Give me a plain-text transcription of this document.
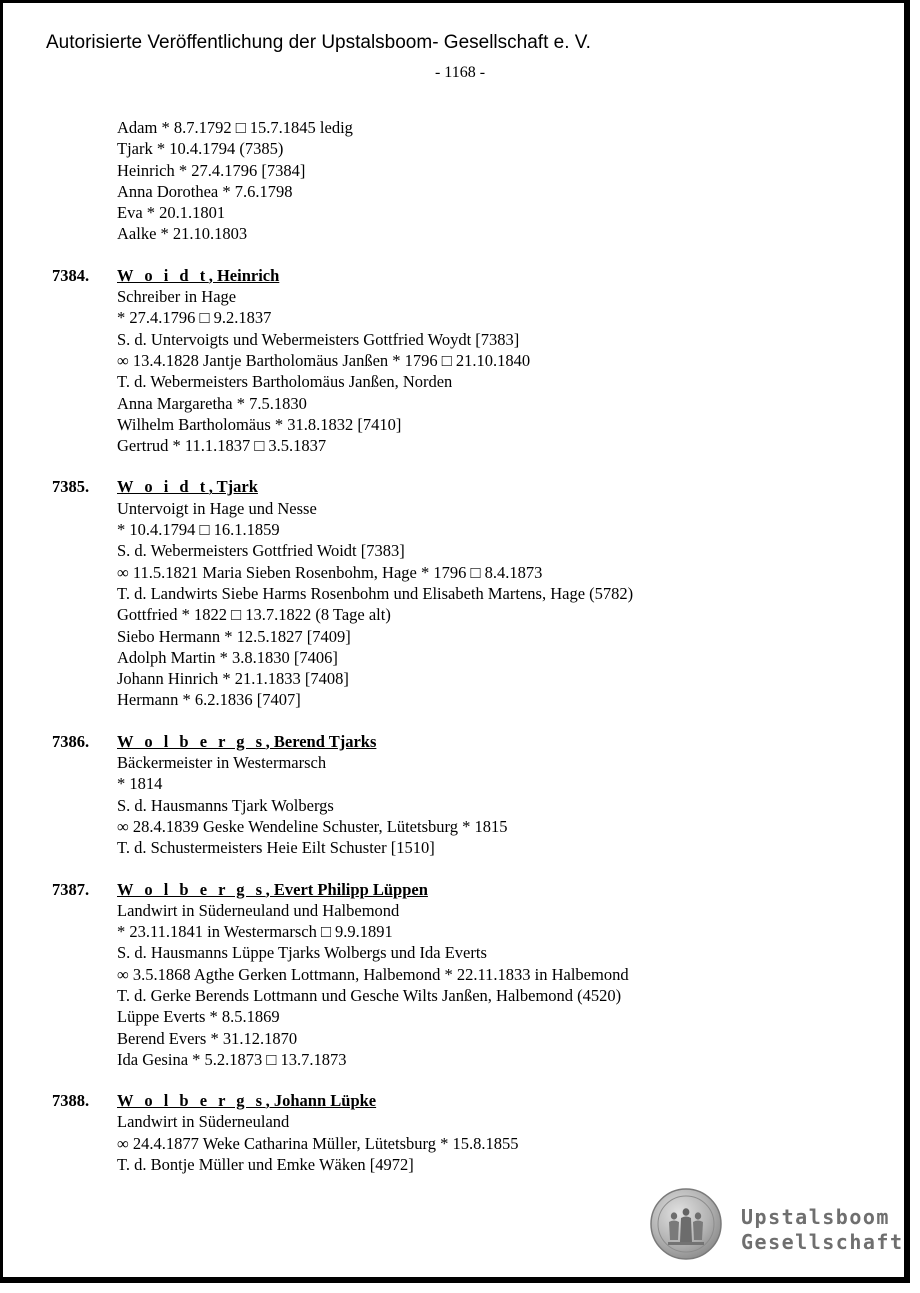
Autorisierte Veröffentlichung der Upstalsboom- Gesellschaft e. V.
- 1168 -
Adam * 8.7.1792 □ 15.7.1845 ledig
Tjark * 10.4.1794 (7385)
Heinrich * 27.4.1796 [7384]
Anna Dorothea * 7.6.1798
Eva * 20.1.1801
Aalke * 21.10.1803
7384. W o i d t, Heinrich
Schreiber in Hage
* 27.4.1796 □ 9.2.1837
S. d. Untervoigts und Webermeisters Gottfried Woydt [7383]
∞ 13.4.1828 Jantje Bartholomäus Janßen * 1796 □ 21.10.1840
T. d. Webermeisters Bartholomäus Janßen, Norden
Anna Margaretha * 7.5.1830
Wilhelm Bartholomäus * 31.8.1832 [7410]
Gertrud * 11.1.1837 □ 3.5.1837
7385. W o i d t, Tjark
Untervoigt in Hage und Nesse
* 10.4.1794 □ 16.1.1859
S. d. Webermeisters Gottfried Woidt [7383]
∞ 11.5.1821 Maria Sieben Rosenbohm, Hage * 1796 □ 8.4.1873
T. d. Landwirts Siebe Harms Rosenbohm und Elisabeth Martens, Hage (5782)
Gottfried * 1822 □ 13.7.1822 (8 Tage alt)
Siebo Hermann * 12.5.1827 [7409]
Adolph Martin * 3.8.1830 [7406]
Johann Hinrich * 21.1.1833 [7408]
Hermann * 6.2.1836 [7407]
7386. W o l b e r g s, Berend Tjarks
Bäckermeister in Westermarsch
* 1814
S. d. Hausmanns Tjark Wolbergs
∞ 28.4.1839 Geske Wendeline Schuster, Lütetsburg * 1815
T. d. Schustermeisters Heie Eilt Schuster [1510]
7387. W o l b e r g s, Evert Philipp Lüppen
Landwirt in Süderneuland und Halbemond
* 23.11.1841 in Westermarsch □ 9.9.1891
S. d. Hausmanns Lüppe Tjarks Wolbergs und Ida Everts
∞ 3.5.1868 Agthe Gerken Lottmann, Halbemond * 22.11.1833 in Halbemond
T. d. Gerke Berends Lottmann und Gesche Wilts Janßen, Halbemond (4520)
Lüppe Everts * 8.5.1869
Berend Evers * 31.12.1870
Ida Gesina * 5.2.1873 □ 13.7.1873
7388. W o l b e r g s, Johann Lüpke
Landwirt in Süderneuland
∞ 24.4.1877 Weke Catharina Müller, Lütetsburg * 15.8.1855
T. d. Bontje Müller und Emke Wäken [4972]
Upstalsboom
Gesellschaft
